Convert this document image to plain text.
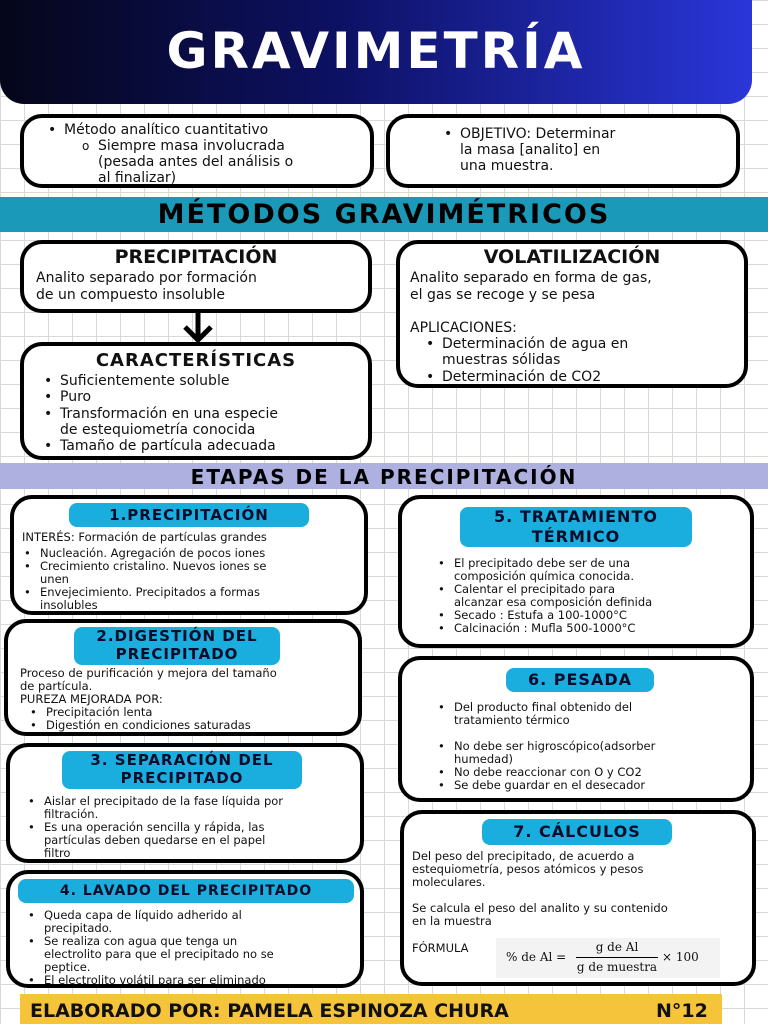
GRAVIMETRÍA
• Método analítico cuantitativo
o Siempre masa involucrada
(pesada antes del análisis o
al finalizar)
• OBJETIVO: Determinar
la masa [analito] en
una muestra.
MÉTODOS GRAVIMÉTRICOS
PRECIPITACIÓN
Analito separado por formación
de un compuesto insoluble
CARACTERÍSTICAS
• Suficientemente soluble
• Puro
• Transformación en una especie
de estequiometría conocida
• Tamaño de partícula adecuada
VOLATILIZACIÓN
Analito separado en forma de gas,
el gas se recoge y se pesa
APLICACIONES:
• Determinación de agua en
muestras sólidas
• Determinación de CO2
ETAPAS DE LA PRECIPITACIÓN
1.PRECIPITACIÓN
INTERÉS: Formación de partículas grandes
• Nucleación. Agregación de pocos iones
• Crecimiento cristalino. Nuevos iones se
unen
• Envejecimiento. Precipitados a formas
insolubles
2.DIGESTIÓN DEL
PRECIPITADO
Proceso de purificación y mejora del tamaño
de partícula.
PUREZA MEJORADA POR:
• Precipitación lenta
• Digestión en condiciones saturadas
3. SEPARACIÓN DEL
PRECIPITADO
• Aislar el precipitado de la fase líquida por
filtración.
• Es una operación sencilla y rápida, las
partículas deben quedarse en el papel
filtro
4. LAVADO DEL PRECIPITADO
• Queda capa de líquido adherido al
precipitado.
• Se realiza con agua que tenga un
electrolito para que el precipitado no se
peptice.
• El electrolito volátil para ser eliminado
5. TRATAMIENTO
TÉRMICO
• El precipitado debe ser de una
composición química conocida.
• Calentar el precipitado para
alcanzar esa composición definida
• Secado : Estufa a 100-1000°C
• Calcinación : Mufla 500-1000°C
6. PESADA
• Del producto final obtenido del
tratamiento térmico
• No debe ser higroscópico(adsorber
humedad)
• No debe reaccionar con O y CO2
• Se debe guardar en el desecador
7. CÁLCULOS
Del peso del precipitado, de acuerdo a
estequiometría, pesos atómicos y pesos
moleculares.
Se calcula el peso del analito y su contenido
en la muestra
FÓRMULA
% de Al =
g de Al
g de muestra
× 100
ELABORADO POR: PAMELA ESPINOZA CHURA	N°12
